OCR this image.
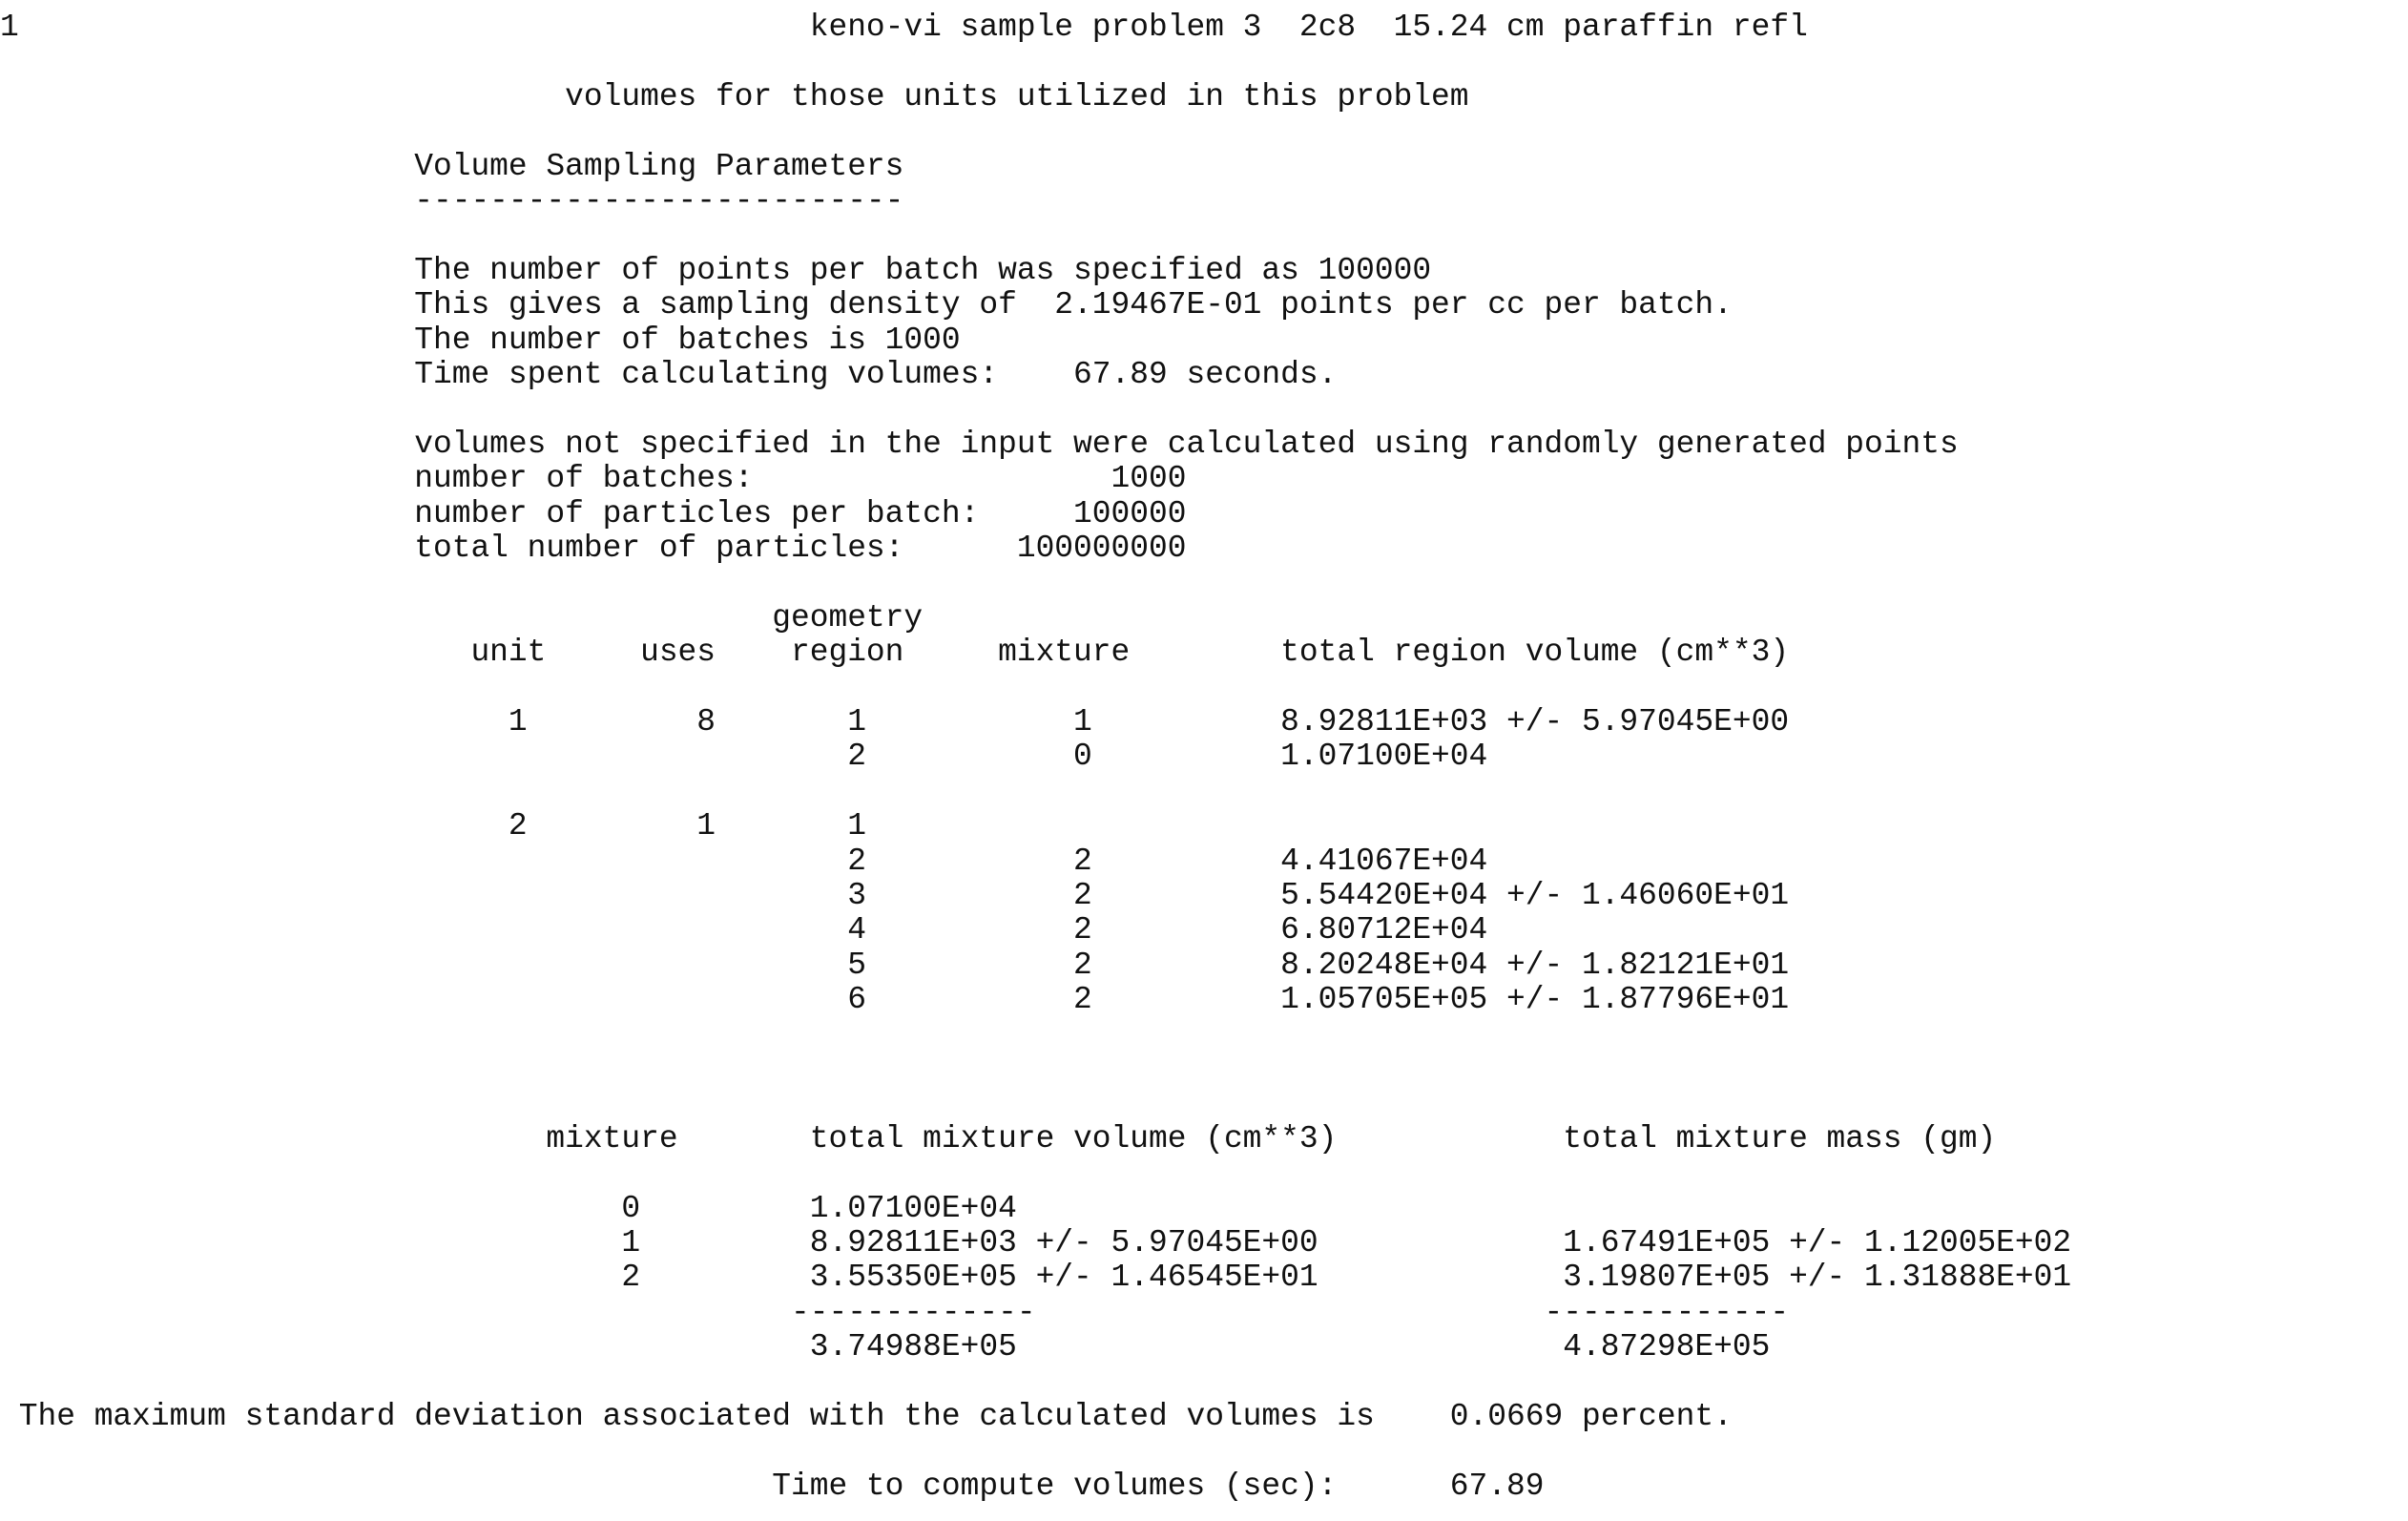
1                                          keno-vi sample problem 3  2c8  15.24 cm paraffin refl
volumes for those units utilized in this problem
Volume Sampling Parameters
--------------------------
The number of points per batch was specified as 100000
This gives a sampling density of  2.19467E-01 points per cc per batch.
The number of batches is 1000
Time spent calculating volumes:    67.89 seconds.
volumes not specified in the input were calculated using randomly generated points
number of batches:                   1000
number of particles per batch:     100000
total number of particles:      100000000
geometry
unit     uses    region     mixture        total region volume (cm**3)
1         8       1           1          8.92811E+03 +/- 5.97045E+00
2           0          1.07100E+04
2         1       1
2           2          4.41067E+04
3           2          5.54420E+04 +/- 1.46060E+01
4           2          6.80712E+04
5           2          8.20248E+04 +/- 1.82121E+01
6           2          1.05705E+05 +/- 1.87796E+01
mixture       total mixture volume (cm**3)            total mixture mass (gm)
0         1.07100E+04
1         8.92811E+03 +/- 5.97045E+00             1.67491E+05 +/- 1.12005E+02
2         3.55350E+05 +/- 1.46545E+01             3.19807E+05 +/- 1.31888E+01
-------------                           -------------
3.74988E+05                             4.87298E+05
The maximum standard deviation associated with the calculated volumes is    0.0669 percent.
Time to compute volumes (sec):      67.89
